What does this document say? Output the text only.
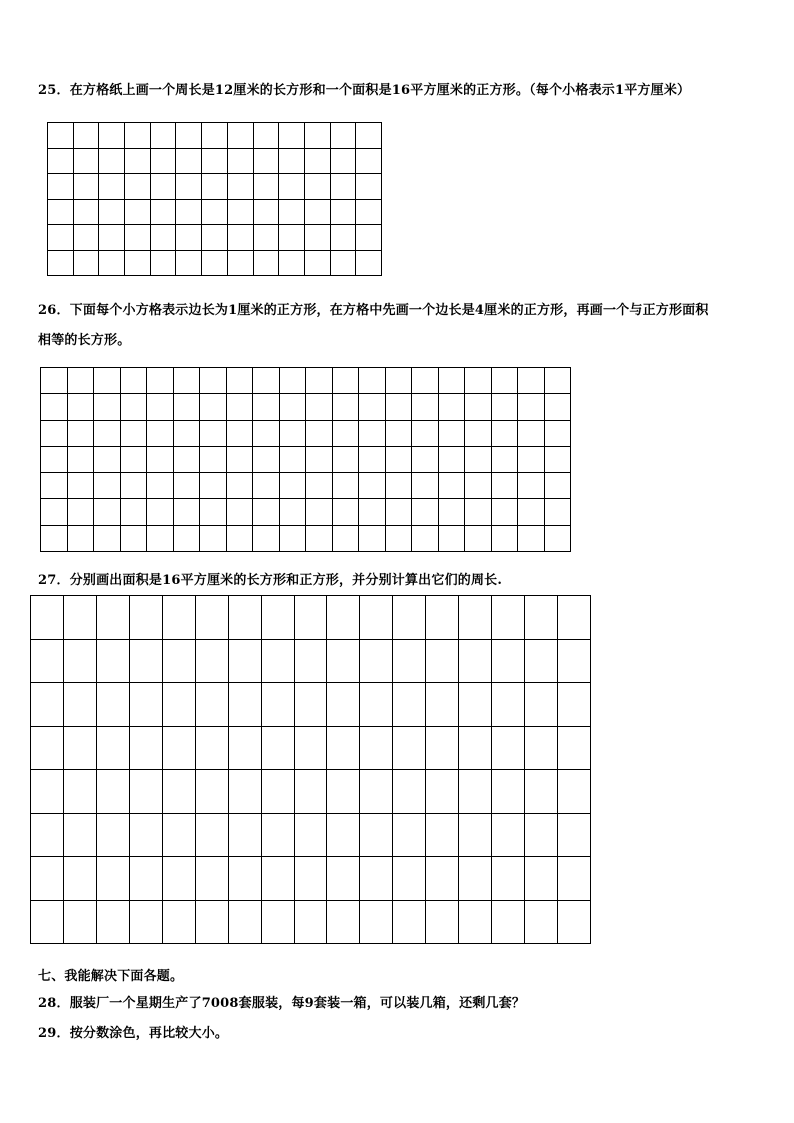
25．在方格纸上画一个周长是12厘米的长方形和一个面积是16平方厘米的正方形。（每个小格表示1平方厘米）

26．下面每个小方格表示边长为1厘米的正方形，在方格中先画一个边长是4厘米的正方形，再画一个与正方形面积
相等的长方形。

27．分别画出面积是16平方厘米的长方形和正方形，并分别计算出它们的周长.

七、我能解决下面各题。
28．服装厂一个星期生产了7008套服装，每9套装一箱，可以装几箱，还剩几套？
29．按分数涂色，再比较大小。
